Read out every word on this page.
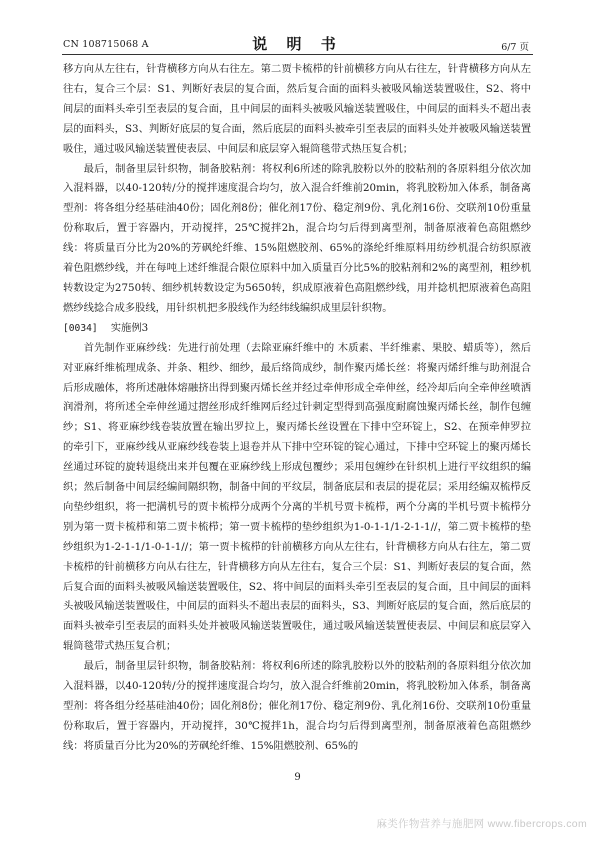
CN 108715068 A	说 明 书	6/7 页

移方向从左往右，针背横移方向从右往左。第二贾卡梳栉的针前横移方向从右往左，针背横移方向从左往右，复合三个层：S1、判断好表层的复合面，然后复合面的面料头被吸风输送装置吸住，S2、将中间层的面料头牵引至表层的复合面，且中间层的面料头被吸风输送装置吸住，中间层的面料头不超出表层的面料头，S3、判断好底层的复合面，然后底层的面料头被牵引至表层的面料头处并被吸风输送装置吸住，通过吸风输送装置使表层、中间层和底层穿入辊筒毯带式热压复合机；

最后，制备里层针织物，制备胶粘剂：将权利6所述的除乳胶粉以外的胶粘剂的各原料组分依次加入混料器，以40-120转/分的搅拌速度混合均匀，放入混合纤维前20min，将乳胶粉加入体系，制备离型剂：将各组分经基硅油40份；固化剂8份；催化剂17份、稳定剂9份、乳化剂16份、交联剂10份重量份称取后，置于容器内，开动搅拌，25℃搅拌2h，混合均匀后得到离型剂，制备原液着色高阻燃纱线：将质量百分比为20%的芳砜纶纤维、15%阻燃胶剂、65%的涤纶纤维原料用纺纱机混合纺织原液着色阻燃纱线，并在每吨上述纤维混合限位原料中加入质量百分比5%的胶粘剂和2%的离型剂，粗纱机转数设定为2750转、细纱机转数设定为5650转，织成原液着色高阻燃纱线，用并捻机把原液着色高阻燃纱线捻合成多股线，用针织机把多股线作为经纬线编织成里层针织物。

[0034] 实施例3

首先制作亚麻纱线：先进行前处理（去除亚麻纤维中的 木质素、半纤维素、果胶、蜡质等），然后对亚麻纤维梳理成条、并条、粗纱、细纱，最后络筒成纱，制作聚丙烯长丝：将聚丙烯纤维与助剂混合后形成融体，将所述融体熔融挤出得到聚丙烯长丝并经过牵伸形成全牵伸丝，经冷却后向全牵伸丝喷洒润滑剂，将所述全牵伸丝通过摺丝形成纤维网后经过针刺定型得到高强度耐腐蚀聚丙烯长丝，制作包缠纱；S1、将亚麻纱线卷装放置在输出罗拉上，聚丙烯长丝设置在下排中空环锭上，S2、在预牵伸罗拉的牵引下，亚麻纱线从亚麻纱线卷装上退卷并从下排中空环锭的锭心通过，下排中空环锭上的聚丙烯长丝通过环锭的旋转退绕出来并包覆在亚麻纱线上形成包覆纱；采用包缠纱在针织机上进行平纹组织的编织；然后制备中间层经编间隔织物，制备中间的平纹层，制备底层和表层的提花层；采用经编双梳栉反向垫纱组织，将一把满机号的贾卡梳栉分成两个分离的半机号贾卡梳栉，两个分离的半机号贾卡梳栉分别为第一贾卡梳栉和第二贾卡梳栉；第一贾卡梳栉的垫纱组织为1-0-1-1/1-2-1-1//，第二贾卡梳栉的垫纱组织为1-2-1-1/1-0-1-1//；第一贾卡梳栉的针前横移方向从左往右，针背横移方向从右往左，第二贾卡梳栉的针前横移方向从右往左，针背横移方向从左往右，复合三个层：S1、判断好表层的复合面，然后复合面的面料头被吸风输送装置吸住，S2、将中间层的面料头牵引至表层的复合面，且中间层的面料头被吸风输送装置吸住，中间层的面料头不超出表层的面料头，S3、判断好底层的复合面，然后底层的面料头被牵引至表层的面料头处并被吸风输送装置吸住，通过吸风输送装置使表层、中间层和底层穿入辊筒毯带式热压复合机；

最后，制备里层针织物，制备胶粘剂：将权利6所述的除乳胶粉以外的胶粘剂的各原料组分依次加入混料器，以40-120转/分的搅拌速度混合均匀，放入混合纤维前20min，将乳胶粉加入体系，制备离型剂：将各组分经基硅油40份；固化剂8份；催化剂17份、稳定剂9份、乳化剂16份、交联剂10份重量份称取后，置于容器内，开动搅拌，30℃搅拌1h，混合均匀后得到离型剂，制备原液着色高阻燃纱线：将质量百分比为20%的芳砜纶纤维、15%阻燃胶剂、65%的

9
麻类作物营养与施肥网 www.fibercrops.com
